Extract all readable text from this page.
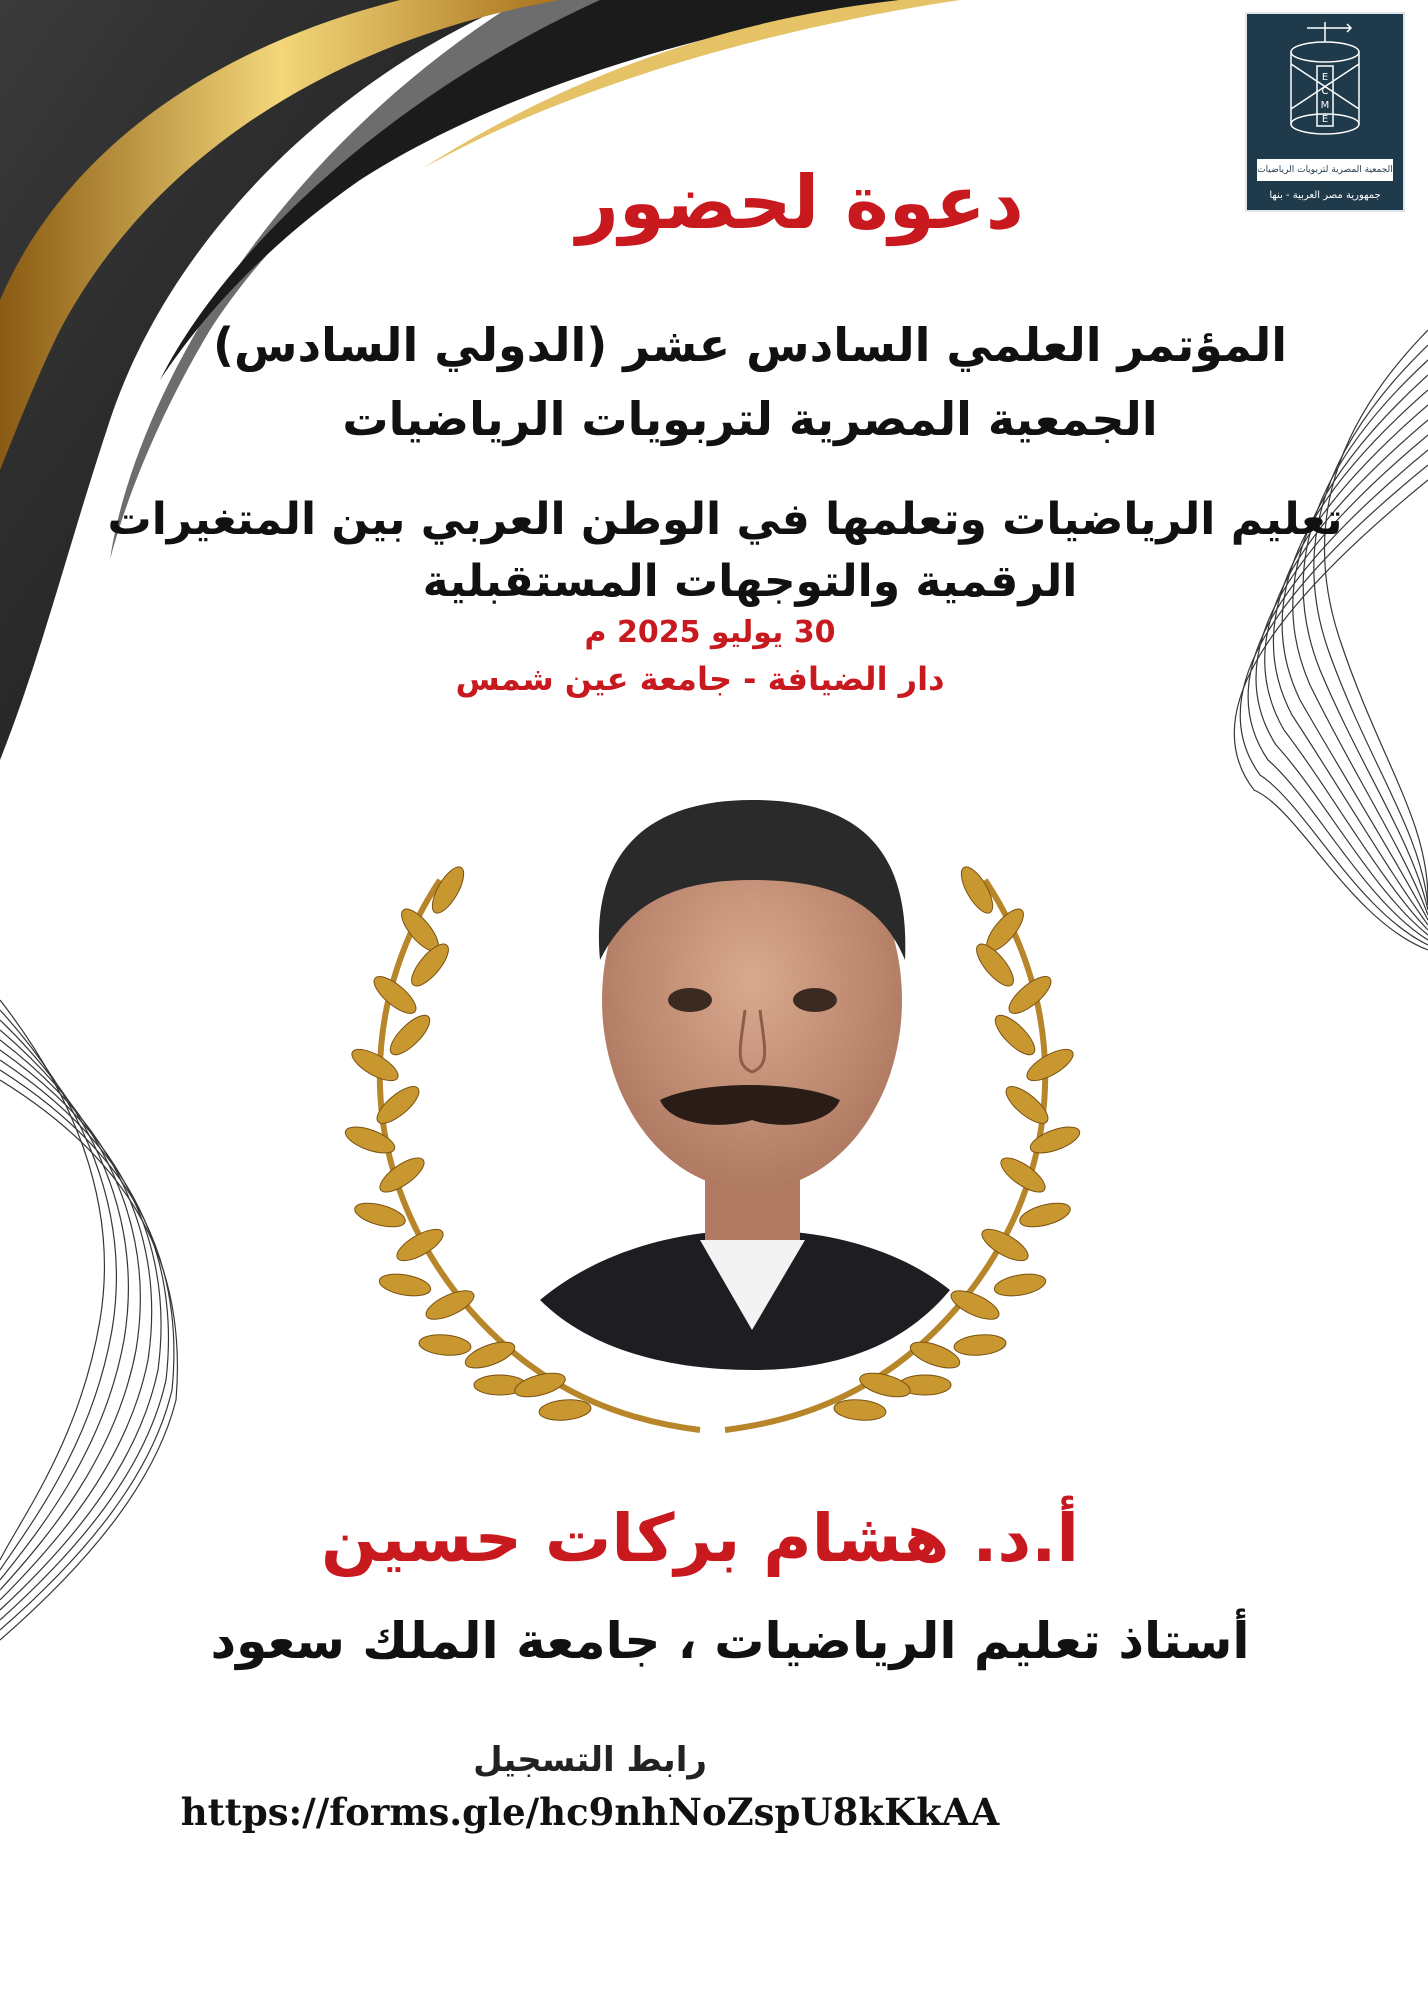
E
C
M
E
الجمعية المصرية لتربويات الرياضيات
جمهورية مصر العربية - بنها
دعوة لحضور
المؤتمر العلمي السادس عشر (الدولي السادس)
الجمعية المصرية لتربويات الرياضيات
تعليم الرياضيات وتعلمها في الوطن العربي بين المتغيرات
الرقمية والتوجهات المستقبلية
30 يوليو 2025 م
دار الضيافة - جامعة عين شمس
أ.د. هشام بركات حسين
أستاذ تعليم الرياضيات ، جامعة الملك سعود
رابط التسجيل
https://forms.gle/hc9nhNoZspU8kKkAA
